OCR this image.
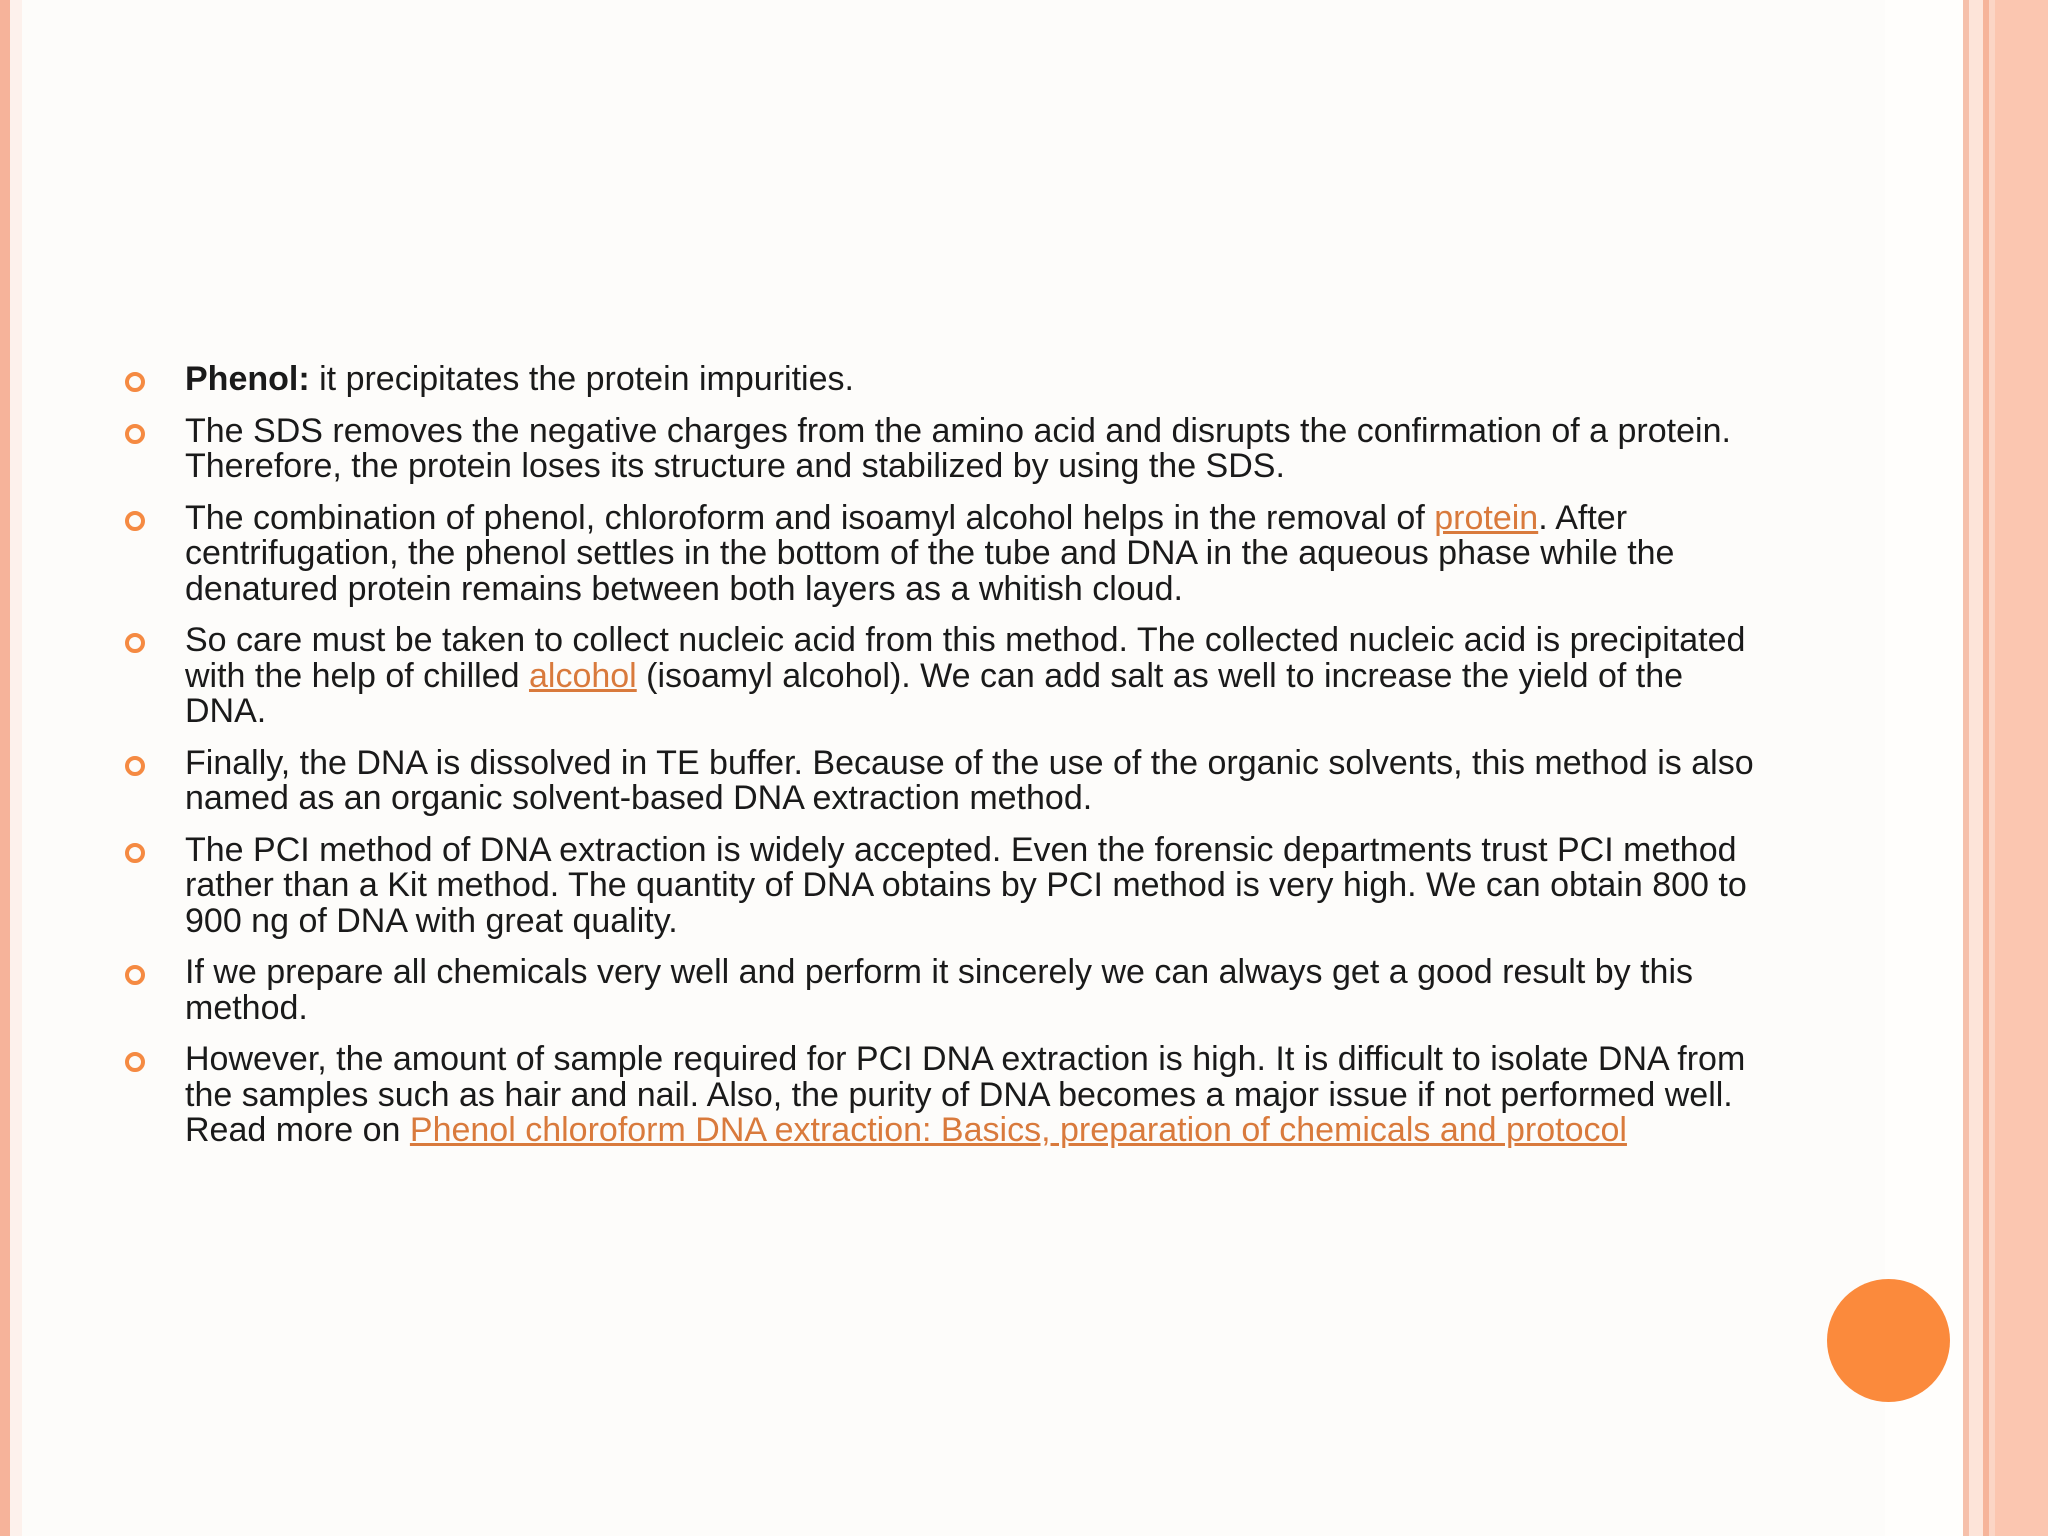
Phenol: it precipitates the protein impurities.
The SDS removes the negative charges from the amino acid and disrupts the confirmation of a protein. Therefore, the protein loses its structure and stabilized by using the SDS.
The combination of phenol, chloroform and isoamyl alcohol helps in the removal of protein. After centrifugation, the phenol settles in the bottom of the tube and DNA in the aqueous phase while the denatured protein remains between both layers as a whitish cloud.
So care must be taken to collect nucleic acid from this method. The collected nucleic acid is precipitated with the help of chilled alcohol (isoamyl alcohol). We can add salt as well to increase the yield of the DNA.
Finally, the DNA is dissolved in TE buffer. Because of the use of the organic solvents, this method is also named as an organic solvent-based DNA extraction method.
The PCI method of DNA extraction is widely accepted. Even the forensic departments trust PCI method rather than a Kit method. The quantity of DNA obtains by PCI method is very high. We can obtain 800 to 900 ng of DNA with great quality.
If we prepare all chemicals very well and perform it sincerely we can always get a good result by this method.
However, the amount of sample required for PCI DNA extraction is high. It is difficult to isolate DNA from the samples such as hair and nail. Also, the purity of DNA becomes a major issue if not performed well. Read more on Phenol chloroform DNA extraction: Basics, preparation of chemicals and protocol
